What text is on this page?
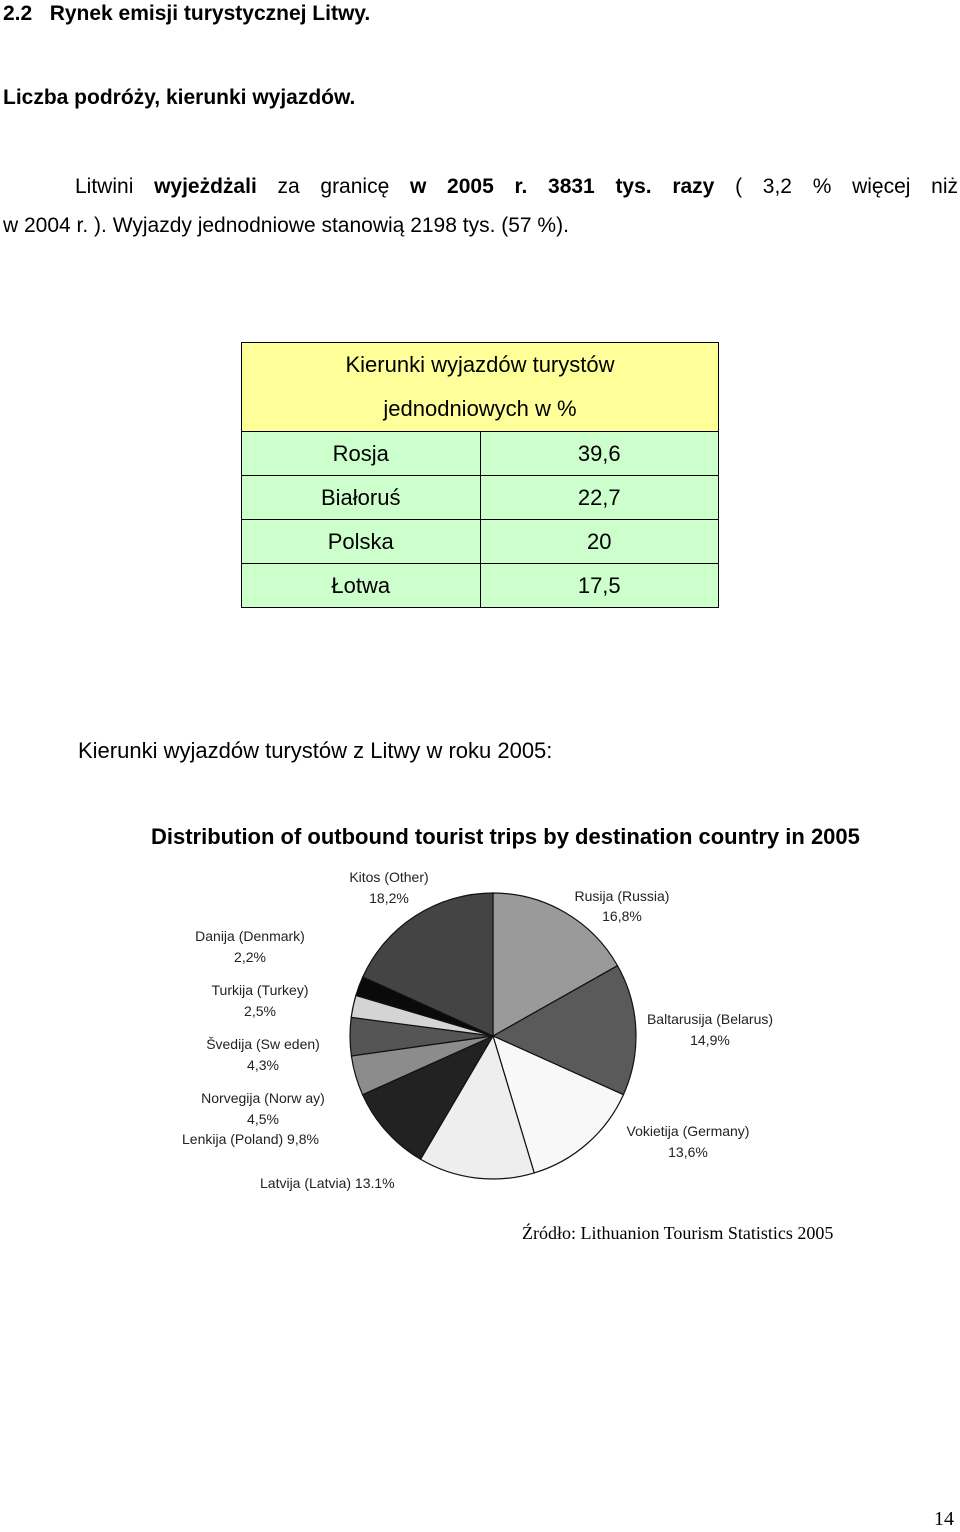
2.2   Rynek emisji turystycznej Litwy.
Liczba podróży, kierunki wyjazdów.
Litwini wyjeżdżali za granicę w 2005 r. 3831 tys. razy ( 3,2 % więcej niż
w 2004 r. ). Wyjazdy jednodniowe stanowią 2198 tys. (57 %).
Kierunki wyjazdów turystów
jednodniowych w %	

Rosja	39,6
Białoruś	22,7
Polska	20
Łotwa	17,5
Kierunki wyjazdów turystów z Litwy w roku 2005:
Distribution of outbound tourist trips by destination country in 2005
Rusija (Russia)
16,8%
Baltarusija (Belarus)
14,9%
Vokietija (Germany)
13,6%
Latvija (Latvia) 13.1%
Lenkija (Poland) 9,8%
Norvegija (Norw ay)
4,5%
Švedija (Sw eden)
4,3%
Turkija (Turkey)
2,5%
Danija (Denmark)
2,2%
Kitos (Other)
18,2%
Źródło: Lithuanion Tourism Statistics 2005
14
